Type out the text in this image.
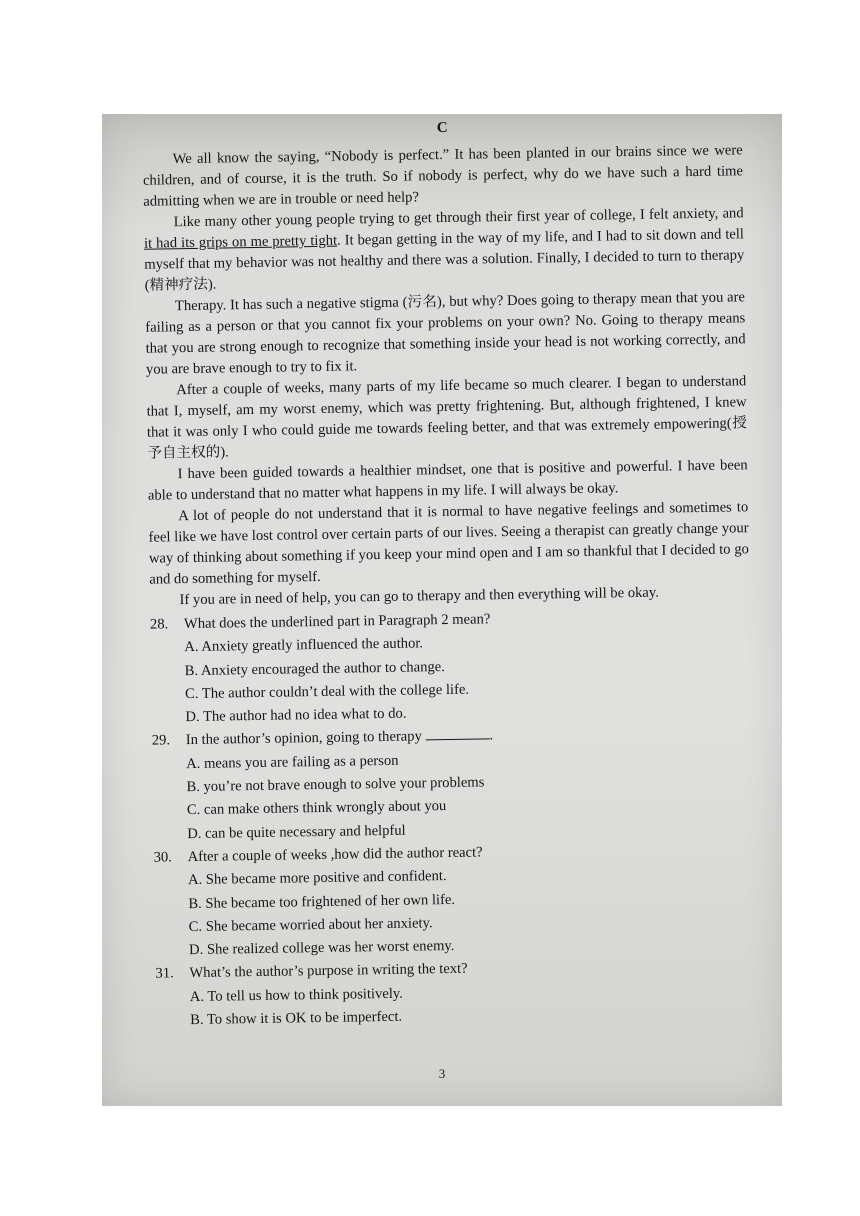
C

We all know the saying, “Nobody is perfect.” It has been planted in our brains since we were children, and of course, it is the truth. So if nobody is perfect, why do we have such a hard time admitting when we are in trouble or need help?

Like many other young people trying to get through their first year of college, I felt anxiety, and it had its grips on me pretty tight. It began getting in the way of my life, and I had to sit down and tell myself that my behavior was not healthy and there was a solution. Finally, I decided to turn to therapy (精神疗法).

Therapy. It has such a negative stigma (污名), but why? Does going to therapy mean that you are failing as a person or that you cannot fix your problems on your own? No. Going to therapy means that you are strong enough to recognize that something inside your head is not working correctly, and you are brave enough to try to fix it.

After a couple of weeks, many parts of my life became so much clearer. I began to understand that I, myself, am my worst enemy, which was pretty frightening. But, although frightened, I knew that it was only I who could guide me towards feeling better, and that was extremely empowering(授予自主权的).

I have been guided towards a healthier mindset, one that is positive and powerful. I have been able to understand that no matter what happens in my life. I will always be okay.

A lot of people do not understand that it is normal to have negative feelings and sometimes to feel like we have lost control over certain parts of our lives. Seeing a therapist can greatly change your way of thinking about something if you keep your mind open and I am so thankful that I decided to go and do something for myself.

If you are in need of help, you can go to therapy and then everything will be okay.

28. What does the underlined part in Paragraph 2 mean?
A. Anxiety greatly influenced the author.
B. Anxiety encouraged the author to change.
C. The author couldn’t deal with the college life.
D. The author had no idea what to do.
29. In the author’s opinion, going to therapy	.
A. means you are failing as a person
B. you’re not brave enough to solve your problems
C. can make others think wrongly about you
D. can be quite necessary and helpful
30. After a couple of weeks ,how did the author react?
A. She became more positive and confident.
B. She became too frightened of her own life.
C. She became worried about her anxiety.
D. She realized college was her worst enemy.
31. What’s the author’s purpose in writing the text?
A. To tell us how to think positively.
B. To show it is OK to be imperfect.
3
